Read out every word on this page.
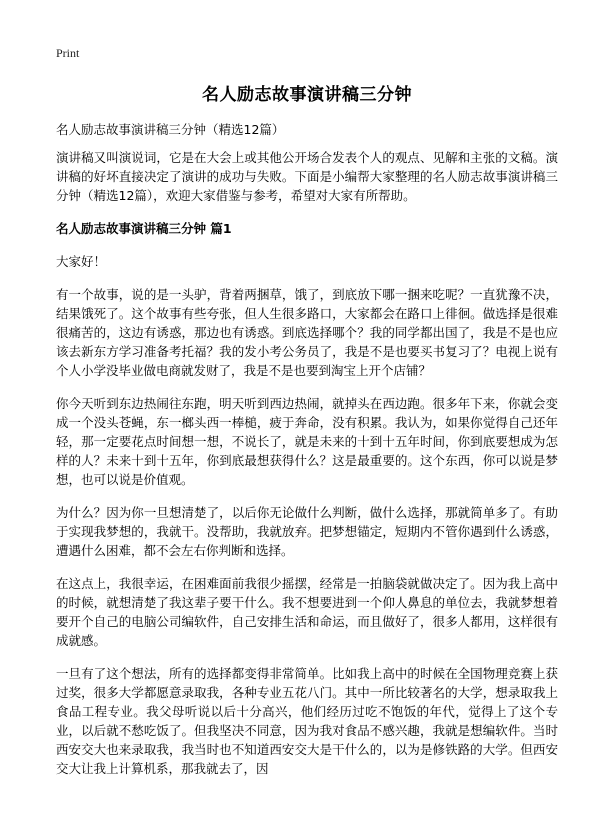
Print
名人励志故事演讲稿三分钟
名人励志故事演讲稿三分钟（精选12篇）

演讲稿又叫演说词，它是在大会上或其他公开场合发表个人的观点、见解和主张的文稿。演讲稿的好坏直接决定了演讲的成功与失败。下面是小编帮大家整理的名人励志故事演讲稿三分钟（精选12篇），欢迎大家借鉴与参考，希望对大家有所帮助。

名人励志故事演讲稿三分钟 篇1

大家好！

有一个故事，说的是一头驴，背着两捆草，饿了，到底放下哪一捆来吃呢？一直犹豫不决，结果饿死了。这个故事有些夸张，但人生很多路口，大家都会在路口上徘徊。做选择是很难很痛苦的，这边有诱惑，那边也有诱惑。到底选择哪个？我的同学都出国了，我是不是也应该去新东方学习准备考托福？我的发小考公务员了，我是不是也要买书复习了？电视上说有个人小学没毕业做电商就发财了，我是不是也要到淘宝上开个店铺？

你今天听到东边热闹往东跑，明天听到西边热闹，就掉头在西边跑。很多年下来，你就会变成一个没头苍蝇，东一榔头西一棒槌，疲于奔命，没有积累。我认为，如果你觉得自己还年轻，那一定要花点时间想一想，不说长了，就是未来的十到十五年时间，你到底要想成为怎样的人？未来十到十五年，你到底最想获得什么？这是最重要的。这个东西，你可以说是梦想，也可以说是价值观。

为什么？因为你一旦想清楚了，以后你无论做什么判断，做什么选择，那就简单多了。有助于实现我梦想的，我就干。没帮助，我就放弃。把梦想锚定，短期内不管你遇到什么诱惑，遭遇什么困难，都不会左右你判断和选择。

在这点上，我很幸运，在困难面前我很少摇摆，经常是一拍脑袋就做决定了。因为我上高中的时候，就想清楚了我这辈子要干什么。我不想要进到一个仰人鼻息的单位去，我就梦想着要开个自己的电脑公司编软件，自己安排生活和命运，而且做好了，很多人都用，这样很有成就感。

一旦有了这个想法，所有的选择都变得非常简单。比如我上高中的时候在全国物理竞赛上获过奖，很多大学都愿意录取我，各种专业五花八门。其中一所比较著名的大学，想录取我上食品工程专业。我父母听说以后十分高兴，他们经历过吃不饱饭的年代，觉得上了这个专业，以后就不愁吃饭了。但我坚决不同意，因为我对食品不感兴趣，我就是想编软件。当时西安交大也来录取我，我当时也不知道西安交大是干什么的，以为是修铁路的大学。但西安交大让我上计算机系，那我就去了，因
